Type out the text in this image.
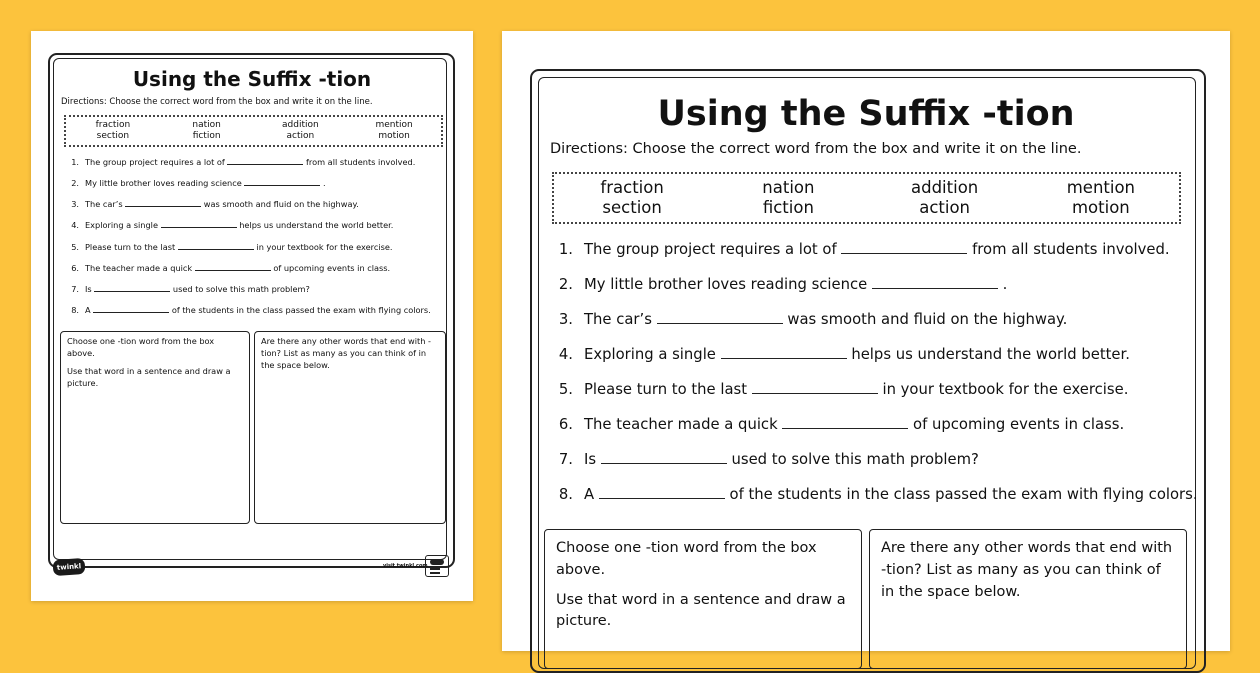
Using the Suffix -tion
Directions: Choose the correct word from the box and write it on the line.
fraction	nation	addition	mention
section	fiction	action	motion
1. The group project requires a lot of	from all students involved.
2. My little brother loves reading science	.
3. The car’s	was smooth and fluid on the highway.
4. Exploring a single	helps us understand the world better.
5. Please turn to the last	in your textbook for the exercise.
6. The teacher made a quick	of upcoming events in class.
7. Is	used to solve this math problem?
8. A	of the students in the class passed the exam with flying colors.

Choose one -tion word from the box above.

Use that word in a sentence and draw a picture.

Are there any other words that end with -tion? List as many as you can think of in the space below.

twinkl	visit twinkl.com
Using the Suffix -tion
Directions: Choose the correct word from the box and write it on the line.
fraction	nation	addition	mention
section	fiction	action	motion
1. The group project requires a lot of	from all students involved.
2. My little brother loves reading science	.
3. The car’s	was smooth and fluid on the highway.
4. Exploring a single	helps us understand the world better.
5. Please turn to the last	in your textbook for the exercise.
6. The teacher made a quick	of upcoming events in class.
7. Is	used to solve this math problem?
8. A	of the students in the class passed the exam with flying colors.

Choose one -tion word from the box above.

Use that word in a sentence and draw a picture.

Are there any other words that end with -tion? List as many as you can think of in the space below.
